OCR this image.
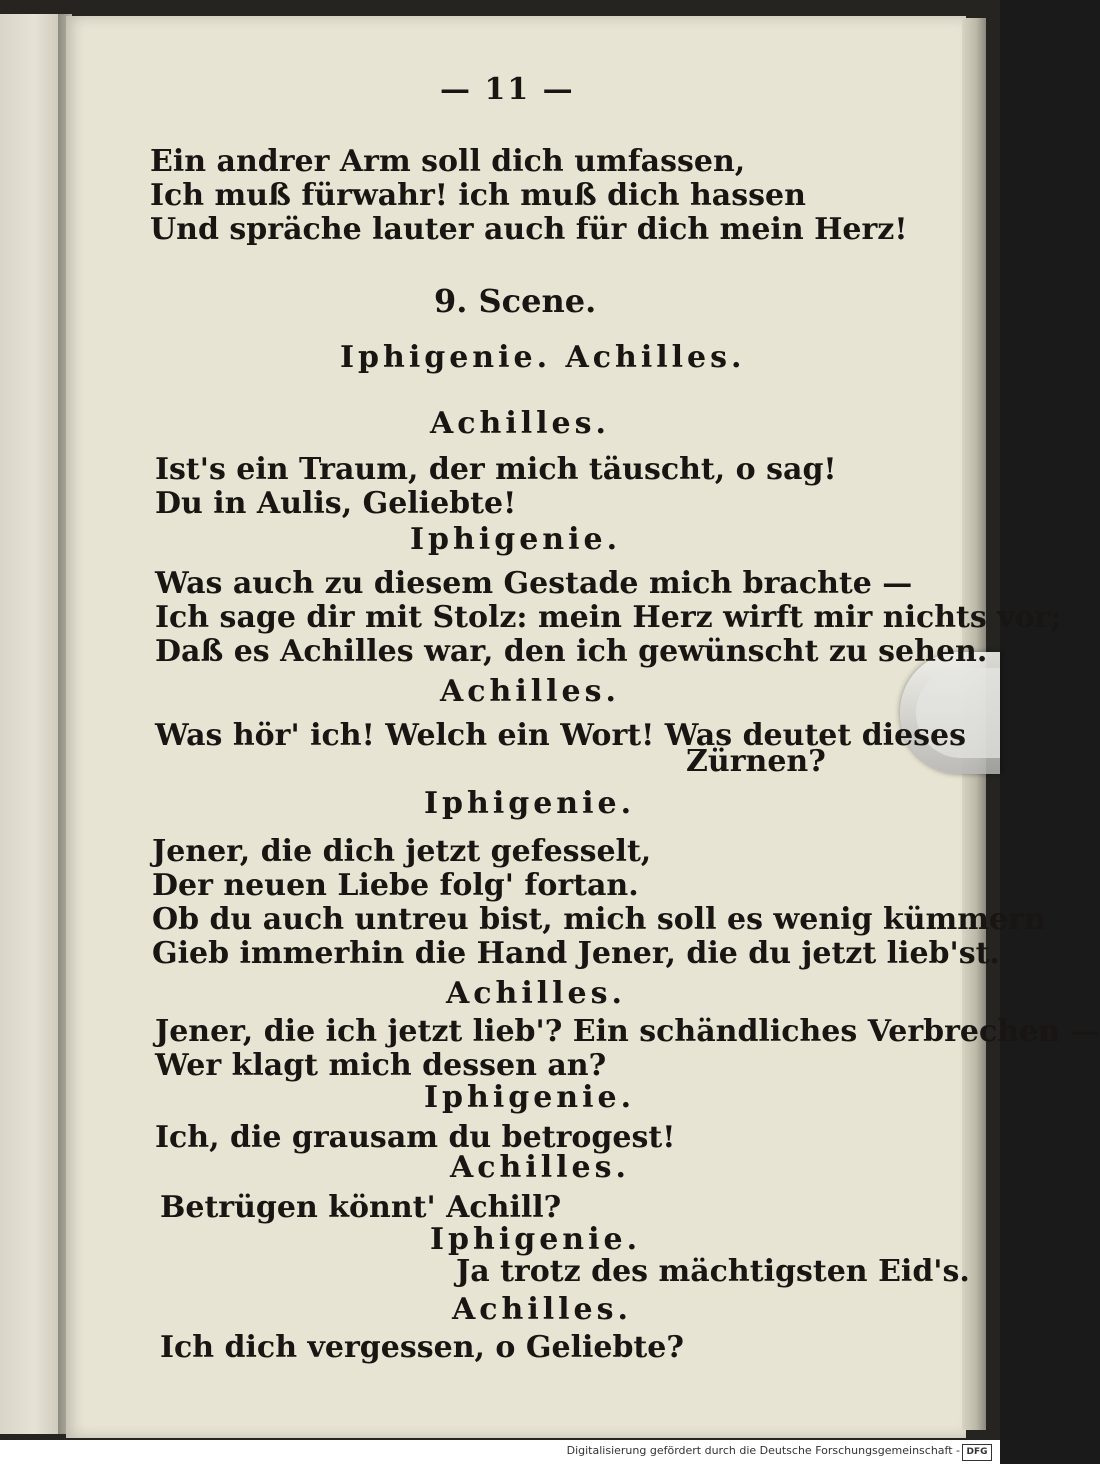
— 11 —
Ein andrer Arm soll dich umfassen,
Ich muß fürwahr! ich muß dich hassen
Und spräche lauter auch für dich mein Herz!
9. Scene.
Iphigenie. Achilles.
Achilles.
Ist's ein Traum, der mich täuscht, o sag!
Du in Aulis, Geliebte!
Iphigenie.
Was auch zu diesem Gestade mich brachte —
Ich sage dir mit Stolz: mein Herz wirft mir nichts vor;
Daß es Achilles war, den ich gewünscht zu sehen.
Achilles.
Was hör' ich! Welch ein Wort! Was deutet dieses
Zürnen?
Iphigenie.
Jener, die dich jetzt gefesselt,
Der neuen Liebe folg' fortan.
Ob du auch untreu bist, mich soll es wenig kümmern
Gieb immerhin die Hand Jener, die du jetzt lieb'st.
Achilles.
Jener, die ich jetzt lieb'? Ein schändliches Verbrechen —
Wer klagt mich dessen an?
Iphigenie.
Ich, die grausam du betrogest!
Achilles.
Betrügen könnt' Achill?
Iphigenie.
Ja trotz des mächtigsten Eid's.
Achilles.
Ich dich vergessen, o Geliebte?
Digitalisierung gefördert durch die Deutsche Forschungsgemeinschaft - DFG
